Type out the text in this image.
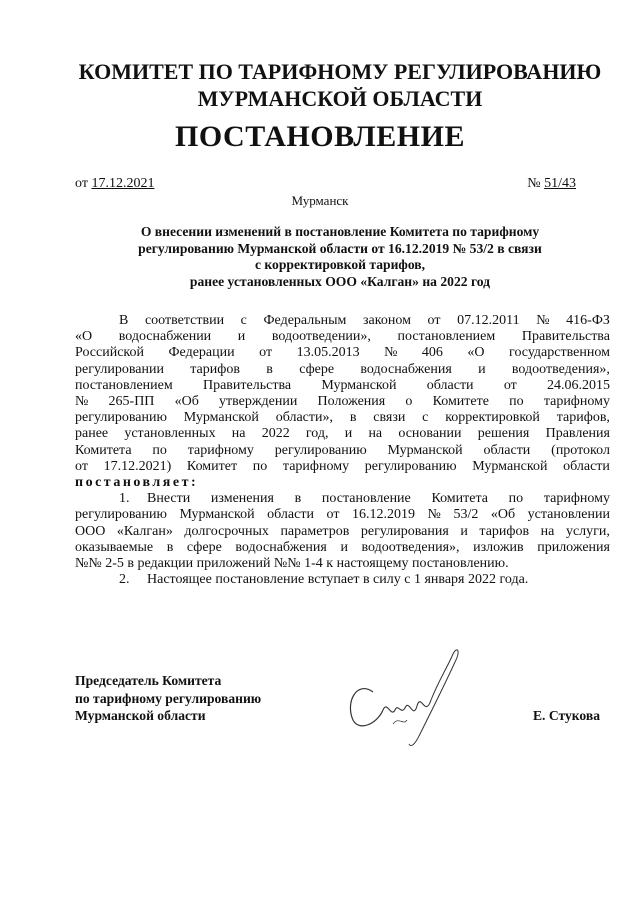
КОМИТЕТ ПО ТАРИФНОМУ РЕГУЛИРОВАНИЮ
МУРМАНСКОЙ ОБЛАСТИ
ПОСТАНОВЛЕНИЕ
от 17.12.2021	№ 51/43
Мурманск
О внесении изменений в постановление Комитета по тарифному
регулированию Мурманской области от 16.12.2019 № 53/2 в связи
с корректировкой тарифов,
ранее установленных ООО «Калган» на 2022 год
В соответствии с Федеральным законом от 07.12.2011 № 416-ФЗ
«О водоснабжении и водоотведении», постановлением Правительства
Российской Федерации от 13.05.2013 № 406 «О государственном
регулировании тарифов в сфере водоснабжения и водоотведения»,
постановлением Правительства Мурманской области от 24.06.2015
№ 265-ПП «Об утверждении Положения о Комитете по тарифному
регулированию Мурманской области», в связи с корректировкой тарифов,
ранее установленных на 2022 год, и на основании решения Правления
Комитета по тарифному регулированию Мурманской области (протокол
от 17.12.2021) Комитет по тарифному регулированию Мурманской области
постановляет:
1. Внести изменения в постановление Комитета по тарифному
регулированию Мурманской области от 16.12.2019 № 53/2 «Об установлении
ООО «Калган» долгосрочных параметров регулирования и тарифов на услуги,
оказываемые в сфере водоснабжения и водоотведения», изложив приложения
№№ 2-5 в редакции приложений №№ 1-4 к настоящему постановлению.
2. Настоящее постановление вступает в силу с 1 января 2022 года.
Председатель Комитета
по тарифному регулированию
Мурманской области	Е. Стукова
